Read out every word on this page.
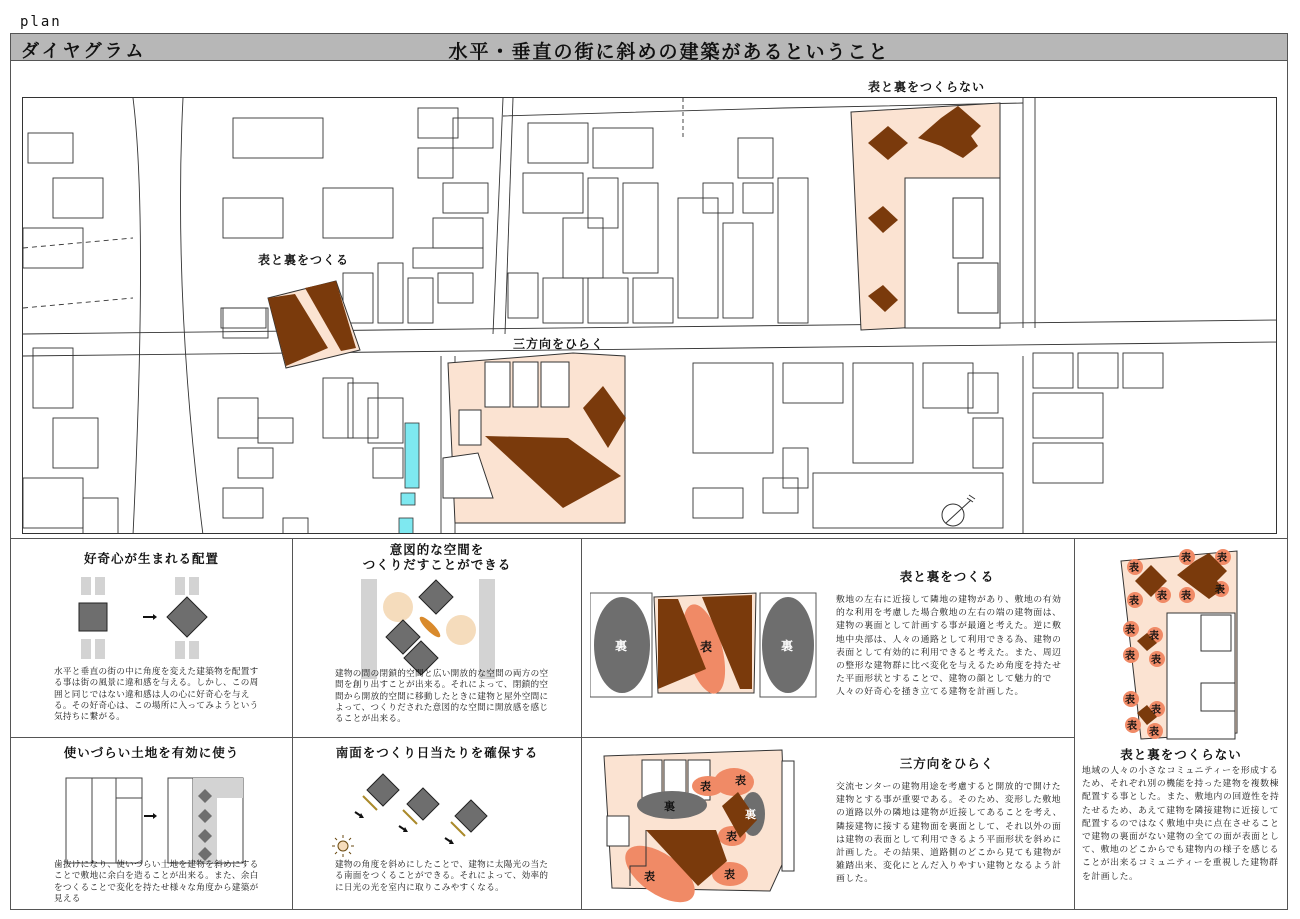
plan
ダイヤグラム	水平・垂直の街に斜めの建築があるということ
表と裏をつくる
三方向をひらく
表と裏をつくらない
好奇心が生まれる配置
水平と垂直の街の中に角度を変えた建築物を配置する事は街の風景に違和感を与える。しかし、この周囲と同じではない違和感は人の心に好奇心を与える。その好奇心は、この場所に入ってみようという気持ちに繋がる。
意図的な空間を
つくりだすことができる
建物の間の閉鎖的空間と広い開放的な空間の両方の空間を創り出すことが出来る。それによって、閉鎖的空間から開放的空間に移動したときに建物と屋外空間によって、つくりだされた意図的な空間に開放感を感じることが出来る。
使いづらい土地を有効に使う
歯抜けになり、使いづらい土地を建物を斜めにすることで敷地に余白を造ることが出来る。また、余白をつくることで変化を持たせ様々な角度から建築が見える
南面をつくり日当たりを確保する
建物の角度を斜めにしたことで、建物に太陽光の当たる南面をつくることができる。それによって、効率的に日光の光を室内に取りこみやすくなる。
裏	裏
表
表と裏をつくる
敷地の左右に近接して隣地の建物があり、敷地の有効的な利用を考慮した場合敷地の左右の端の建物面は、建物の裏面として計画する事が最適と考えた。逆に敷地中央部は、人々の通路として利用できる為、建物の表面として有効的に利用できると考えた。また、周辺の整形な建物群に比べ変化を与えるため角度を持たせた平面形状とすることで、建物の顔として魅力的で人々の好奇心を掻き立てる建物を計画した。
裏
裏
表 表
表
表
表
三方向をひらく
交流センターの建物用途を考慮すると開放的で開けた建物とする事が重要である。そのため、変形した敷地の道路以外の隣地は建物が近接してあることを考え、隣接建物に接する建物面を裏面として、それ以外の面は建物の表面として利用できるよう平面形状を斜めに計画した。その結果、道路側のどこから見ても建物が雑踏出来、変化にとんだ入りやすい建物となるよう計画した。
表
表	表
表 表 表
表
表
表
表 表
表
表
表
表
表と裏をつくらない
地域の人々の小さなコミュニティーを形成するため、それぞれ別の機能を持った建物を複数棟配置する事とした。また、敷地内の回遊性を持たせるため、あえて建物を隣接建物に近接して配置するのではなく敷地中央に点在させることで建物の裏面がない建物の全ての面が表面として、敷地のどこからでも建物内の様子を感じることが出来るコミュニティーを重視した建物群を計画した。
